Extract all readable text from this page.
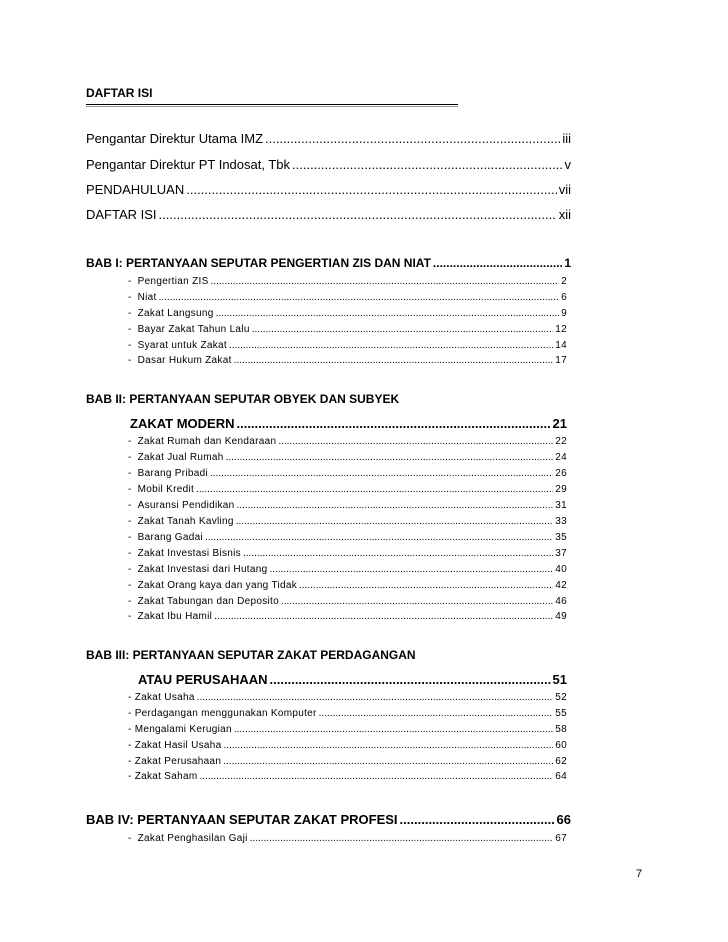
DAFTAR ISI
Pengantar Direktur Utama IMZ .....	iii
Pengantar Direktur PT Indosat, Tbk .....	v
PENDAHULUAN .....	vii
DAFTAR ISI .....	xii
BAB I: PERTANYAAN SEPUTAR PENGERTIAN ZIS DAN NIAT .....	1
- Pengertian ZIS .....	2
- Niat .....	6
- Zakat Langsung .....	9
- Bayar Zakat Tahun Lalu .....	12
- Syarat untuk Zakat .....	14
- Dasar Hukum Zakat .....	17
BAB II: PERTANYAAN SEPUTAR OBYEK DAN SUBYEK
ZAKAT MODERN .....	21
- Zakat Rumah dan Kendaraan .....	22
- Zakat Jual Rumah .....	24
- Barang Pribadi .....	26
- Mobil Kredit .....	29
- Asuransi Pendidikan .....	31
- Zakat Tanah Kavling .....	33
- Barang Gadai .....	35
- Zakat Investasi Bisnis .....	37
- Zakat Investasi dari Hutang .....	40
- Zakat Orang kaya dan yang Tidak .....	42
- Zakat Tabungan dan Deposito .....	46
- Zakat Ibu Hamil .....	49
BAB III: PERTANYAAN SEPUTAR ZAKAT PERDAGANGAN
ATAU PERUSAHAAN .....	51
- Zakat Usaha .....	52
- Perdagangan menggunakan Komputer .....	55
- Mengalami Kerugian .....	58
- Zakat Hasil Usaha .....	60
- Zakat Perusahaan .....	62
- Zakat Saham .....	64
BAB IV: PERTANYAAN SEPUTAR ZAKAT PROFESI .....	66
- Zakat Penghasilan Gaji .....	67
7
